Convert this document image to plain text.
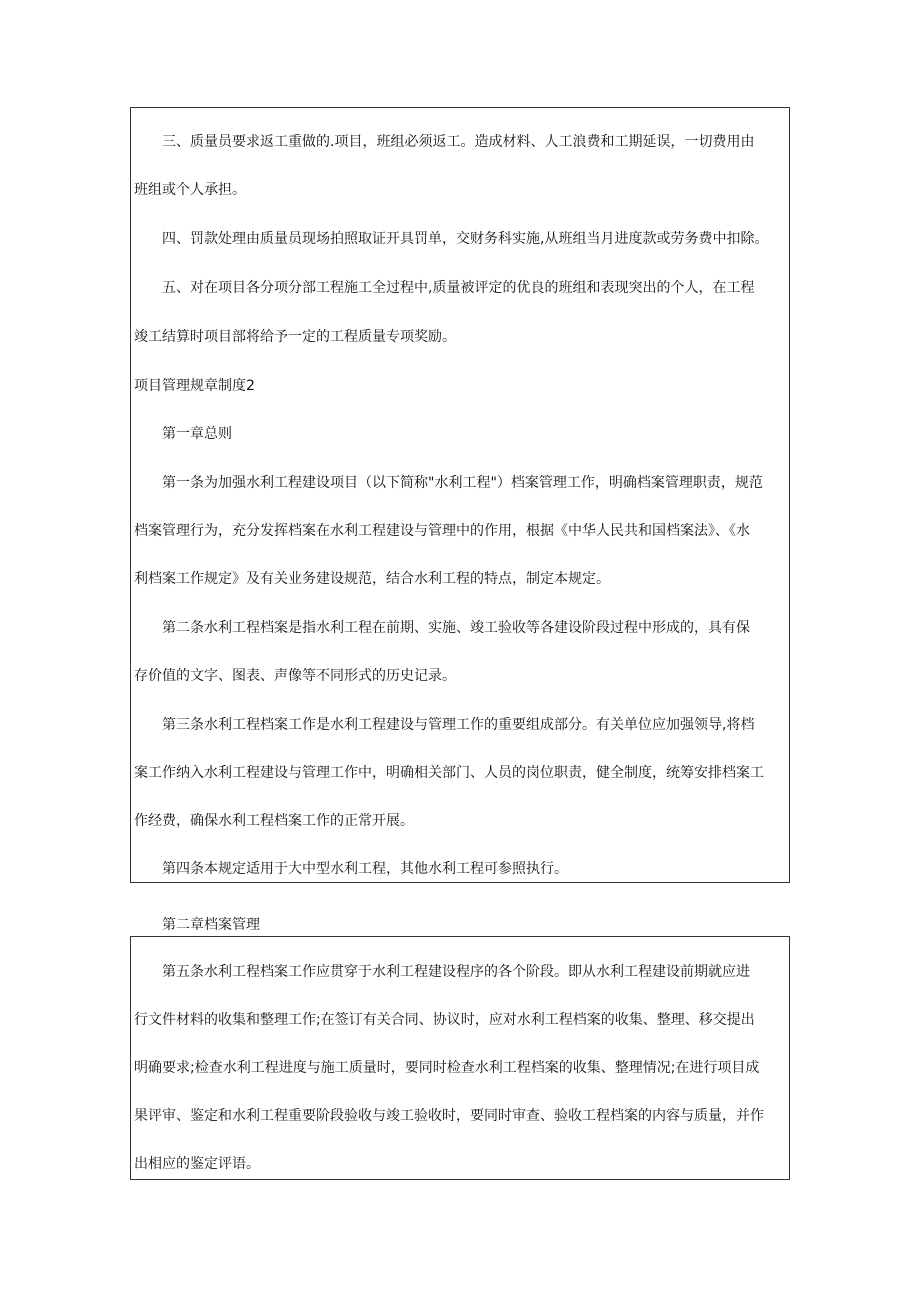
三、质量员要求返工重做的.项目，班组必须返工。造成材料、人工浪费和工期延误，一切费用由
班组或个人承担。
四、罚款处理由质量员现场拍照取证开具罚单，交财务科实施,从班组当月进度款或劳务费中扣除。
五、对在项目各分项分部工程施工全过程中,质量被评定的优良的班组和表现突出的个人，在工程
竣工结算时项目部将给予一定的工程质量专项奖励。
项目管理规章制度2
第一章总则
第一条为加强水利工程建设项目（以下简称"水利工程"）档案管理工作，明确档案管理职责，规范
档案管理行为，充分发挥档案在水利工程建设与管理中的作用，根据《中华人民共和国档案法》、《水
利档案工作规定》及有关业务建设规范，结合水利工程的特点，制定本规定。
第二条水利工程档案是指水利工程在前期、实施、竣工验收等各建设阶段过程中形成的，具有保
存价值的文字、图表、声像等不同形式的历史记录。
第三条水利工程档案工作是水利工程建设与管理工作的重要组成部分。有关单位应加强领导,将档
案工作纳入水利工程建设与管理工作中，明确相关部门、人员的岗位职责，健全制度，统筹安排档案工
作经费，确保水利工程档案工作的正常开展。
第四条本规定适用于大中型水利工程，其他水利工程可参照执行。
第二章档案管理
第五条水利工程档案工作应贯穿于水利工程建设程序的各个阶段。即从水利工程建设前期就应进
行文件材料的收集和整理工作;在签订有关合同、协议时，应对水利工程档案的收集、整理、移交提出
明确要求;检查水利工程进度与施工质量时，要同时检查水利工程档案的收集、整理情况;在进行项目成
果评审、鉴定和水利工程重要阶段验收与竣工验收时，要同时审查、验收工程档案的内容与质量，并作
出相应的鉴定评语。
